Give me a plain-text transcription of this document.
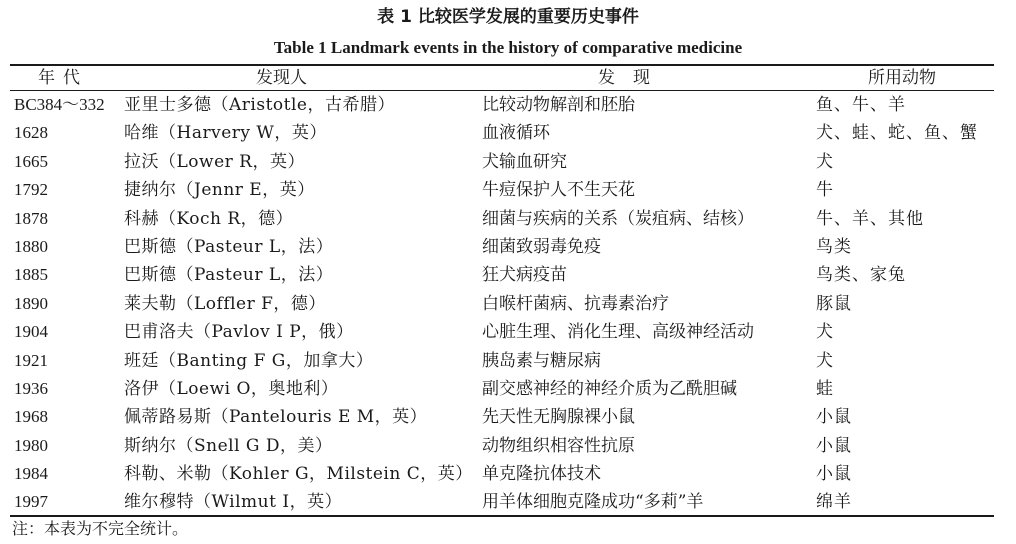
表 1 比较医学发展的重要历史事件
Table 1 Landmark events in the history of comparative medicine
年代	发现人	发现	所用动物
BC384～332 亚里士多德（Aristotle，古希腊）	比较动物解剖和胚胎	鱼、牛、羊
1628	哈维（Harvery W，英）	血液循环	犬、蛙、蛇、鱼、蟹
1665	拉沃（Lower R，英）	犬输血研究	犬
1792	捷纳尔（Jennr E，英）	牛痘保护人不生天花	牛
1878	科赫（Koch R，德）	细菌与疾病的关系（炭疽病、结核）	牛、羊、其他
1880	巴斯德（Pasteur L，法）	细菌致弱毒免疫	鸟类
1885	巴斯德（Pasteur L，法）	狂犬病疫苗	鸟类、家兔
1890	莱夫勒（Loffler F，德）	白喉杆菌病、抗毒素治疗	豚鼠
1904	巴甫洛夫（Pavlov I P，俄）	心脏生理、消化生理、高级神经活动	犬
1921	班廷（Banting F G，加拿大）	胰岛素与糖尿病	犬
1936	洛伊（Loewi O，奥地利）	副交感神经的神经介质为乙酰胆碱	蛙
1968	佩蒂路易斯（Pantelouris E M，英）	先天性无胸腺裸小鼠	小鼠
1980	斯纳尔（Snell G D，美）	动物组织相容性抗原	小鼠
1984	科勒、米勒（Kohler G，Milstein C，英） 单克隆抗体技术	小鼠
1997	维尔穆特（Wilmut I，英）	用羊体细胞克隆成功“多莉”羊	绵羊
注：本表为不完全统计。
